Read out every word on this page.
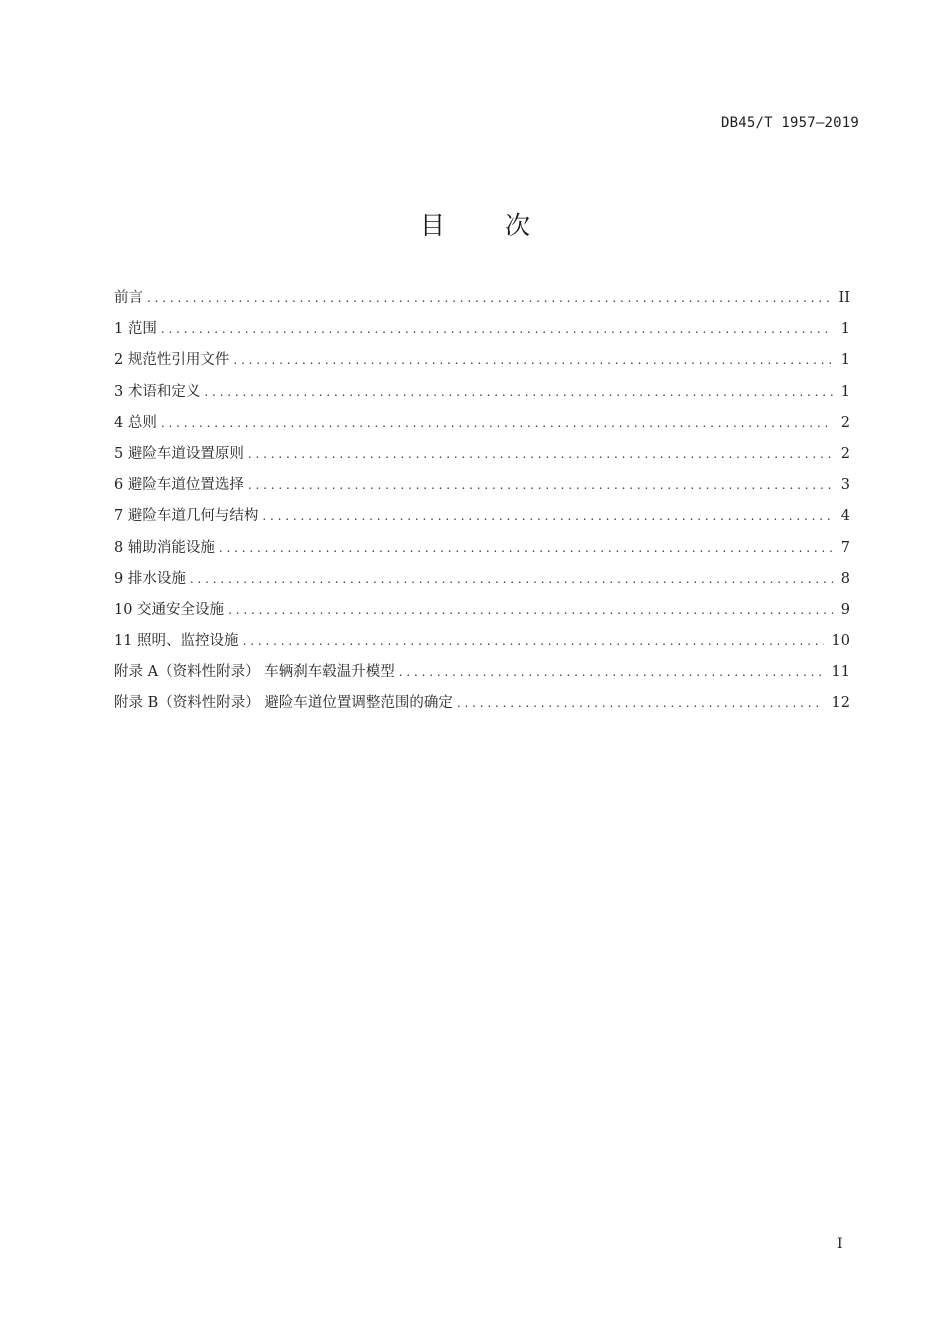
DB45/T 1957—2019
目 次
前言 . . .	II
1 范围 . . .	1
2 规范性引用文件 . . .	1
3 术语和定义 . . .	1
4 总则 . . .	2
5 避险车道设置原则 . . .	2
6 避险车道位置选择 . . .	3
7 避险车道几何与结构 . . .	4
8 辅助消能设施 . . .	7
9 排水设施 . . .	8
10 交通安全设施 . . .	9
11 照明、监控设施 . . .	10
附录 A（资料性附录） 车辆刹车毂温升模型 . . .	11
附录 B（资料性附录） 避险车道位置调整范围的确定 . . .	12
I
